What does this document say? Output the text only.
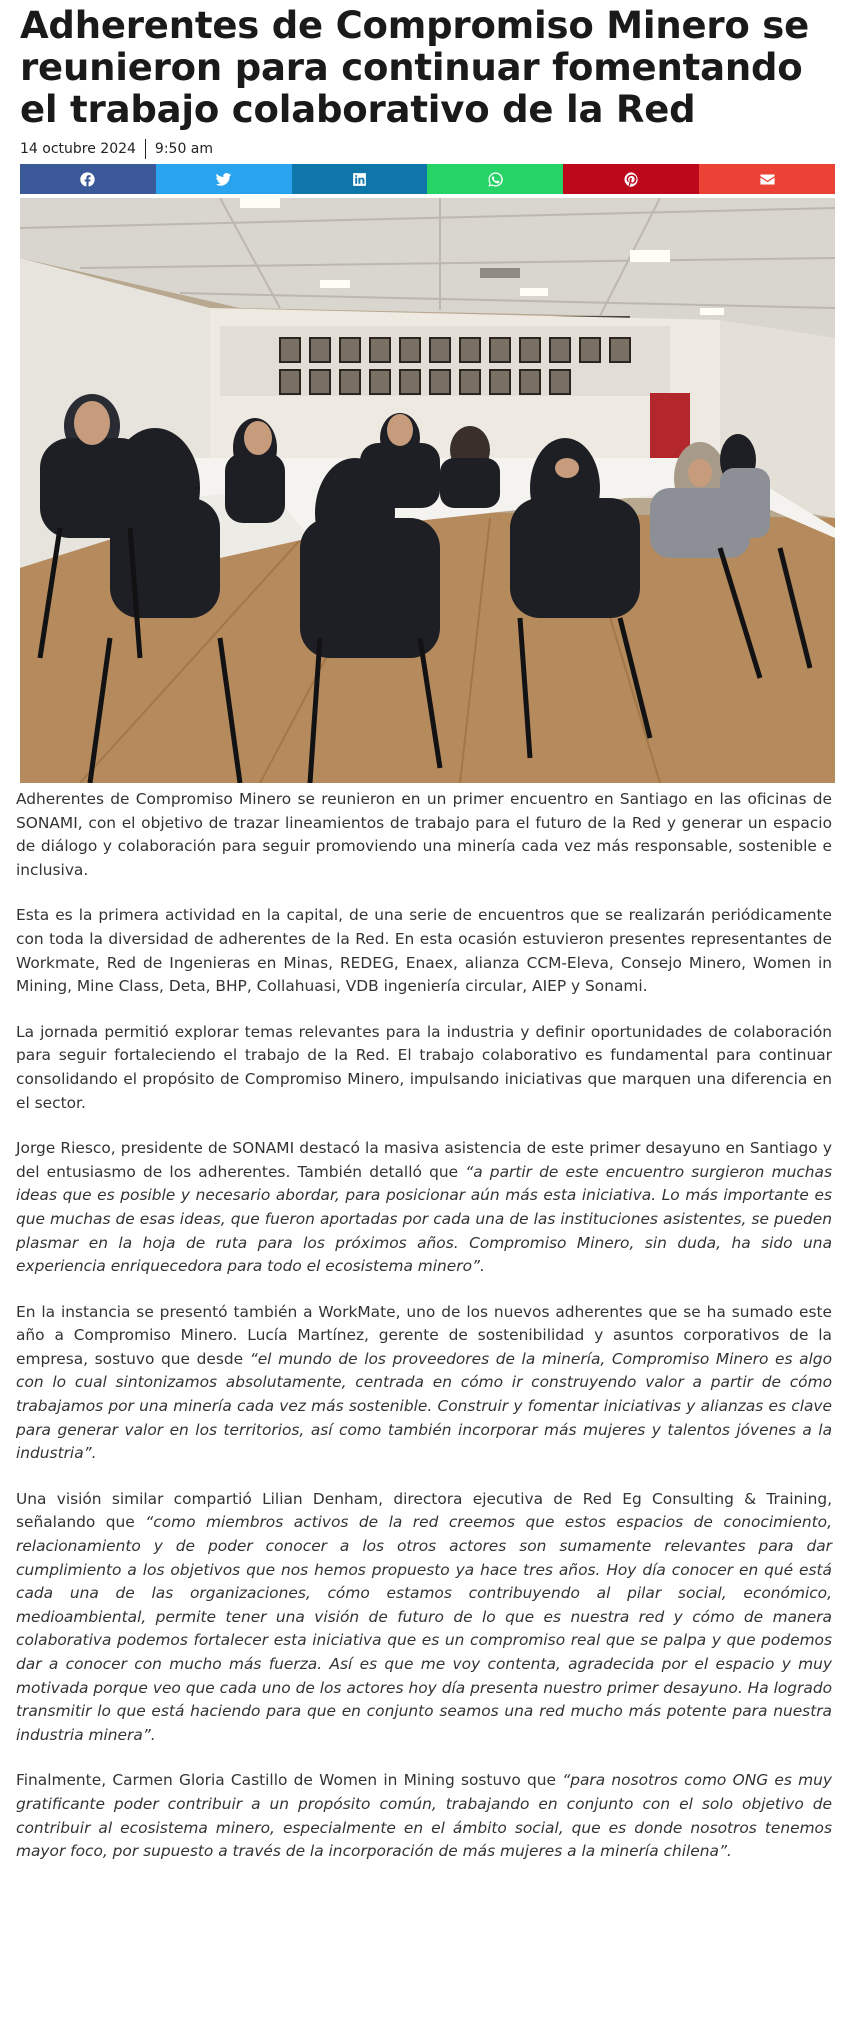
Adherentes de Compromiso Minero se reunieron para continuar fomentando el trabajo colaborativo de la Red
14 octubre 2024 9:50 am

Adherentes de Compromiso Minero se reunieron en un primer encuentro en Santiago en las oficinas de SONAMI, con el objetivo de trazar lineamientos de trabajo para el futuro de la Red y generar un espacio de diálogo y colaboración para seguir promoviendo una minería cada vez más responsable, sostenible e inclusiva.

Esta es la primera actividad en la capital, de una serie de encuentros que se realizarán periódicamente con toda la diversidad de adherentes de la Red. En esta ocasión estuvieron presentes representantes de Workmate, Red de Ingenieras en Minas, REDEG, Enaex, alianza CCM-Eleva, Consejo Minero, Women in Mining, Mine Class, Deta, BHP, Collahuasi, VDB ingeniería circular, AIEP y Sonami.

La jornada permitió explorar temas relevantes para la industria y definir oportunidades de colaboración para seguir fortaleciendo el trabajo de la Red. El trabajo colaborativo es fundamental para continuar consolidando el propósito de Compromiso Minero, impulsando iniciativas que marquen una diferencia en el sector.

Jorge Riesco, presidente de SONAMI destacó la masiva asistencia de este primer desayuno en Santiago y del entusiasmo de los adherentes. También detalló que “a partir de este encuentro surgieron muchas ideas que es posible y necesario abordar, para posicionar aún más esta iniciativa. Lo más importante es que muchas de esas ideas, que fueron aportadas por cada una de las instituciones asistentes, se pueden plasmar en la hoja de ruta para los próximos años. Compromiso Minero, sin duda, ha sido una experiencia enriquecedora para todo el ecosistema minero”.

En la instancia se presentó también a WorkMate, uno de los nuevos adherentes que se ha sumado este año a Compromiso Minero. Lucía Martínez, gerente de sostenibilidad y asuntos corporativos de la empresa, sostuvo que desde “el mundo de los proveedores de la minería, Compromiso Minero es algo con lo cual sintonizamos absolutamente, centrada en cómo ir construyendo valor a partir de cómo trabajamos por una minería cada vez más sostenible. Construir y fomentar iniciativas y alianzas es clave para generar valor en los territorios, así como también incorporar más mujeres y talentos jóvenes a la industria”.

Una visión similar compartió Lilian Denham, directora ejecutiva de Red Eg Consulting & Training, señalando que “como miembros activos de la red creemos que estos espacios de conocimiento, relacionamiento y de poder conocer a los otros actores son sumamente relevantes para dar cumplimiento a los objetivos que nos hemos propuesto ya hace tres años. Hoy día conocer en qué está cada una de las organizaciones, cómo estamos contribuyendo al pilar social, económico, medioambiental, permite tener una visión de futuro de lo que es nuestra red y cómo de manera colaborativa podemos fortalecer esta iniciativa que es un compromiso real que se palpa y que podemos dar a conocer con mucho más fuerza. Así es que me voy contenta, agradecida por el espacio y muy motivada porque veo que cada uno de los actores hoy día presenta nuestro primer desayuno. Ha logrado transmitir lo que está haciendo para que en conjunto seamos una red mucho más potente para nuestra industria minera”.

Finalmente, Carmen Gloria Castillo de Women in Mining sostuvo que “para nosotros como ONG es muy gratificante poder contribuir a un propósito común, trabajando en conjunto con el solo objetivo de contribuir al ecosistema minero, especialmente en el ámbito social, que es donde nosotros tenemos mayor foco, por supuesto a través de la incorporación de más mujeres a la minería chilena”.
